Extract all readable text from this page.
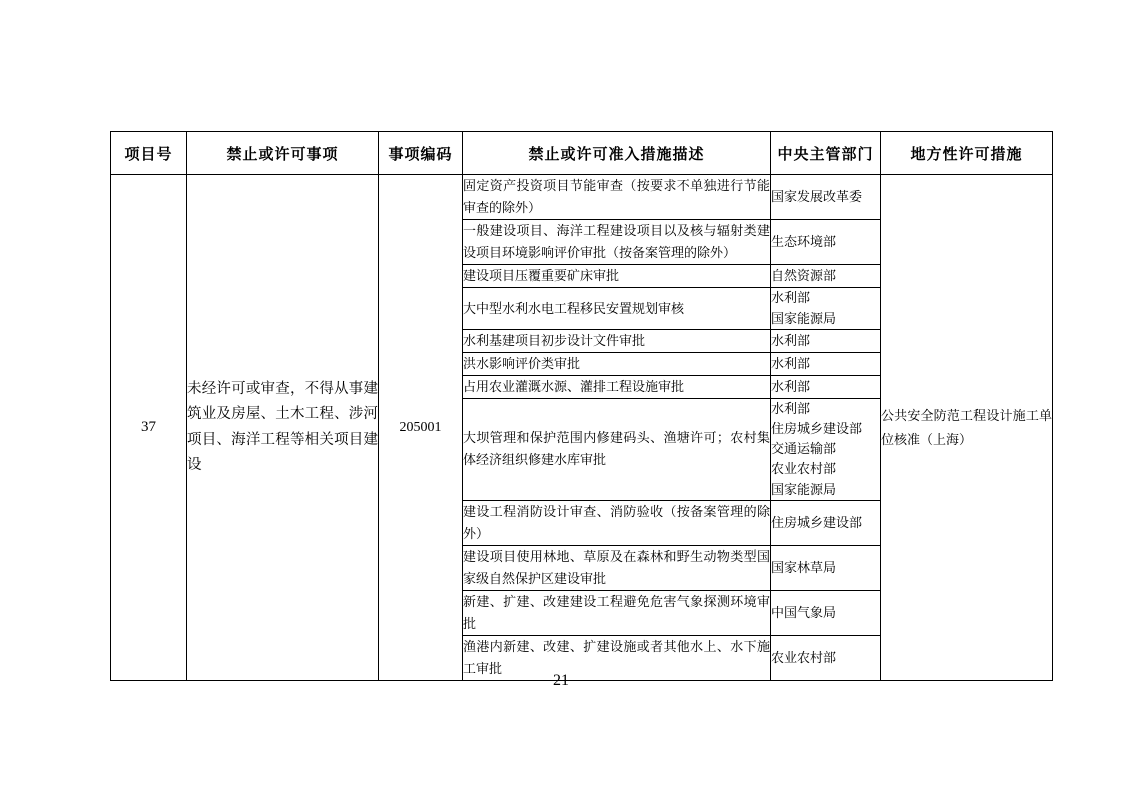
项目号	禁止或许可事项	事项编码	禁止或许可准入措施描述	中央主管部门	地方性许可措施
37	未经许可或审查，不得从事建筑业及房屋、土木工程、涉河项目、海洋工程等相关项目建设	205001	固定资产投资项目节能审查（按要求不单独进行节能审查的除外）	国家发展改革委	公共安全防范工程设计施工单位核准（上海）
			一般建设项目、海洋工程建设项目以及核与辐射类建设项目环境影响评价审批（按备案管理的除外）	生态环境部	

			建设项目压覆重要矿床审批	自然资源部	

			大中型水利水电工程移民安置规划审核	水利部
国家能源局	

			水利基建项目初步设计文件审批	水利部	

			洪水影响评价类审批	水利部	

			占用农业灌溉水源、灌排工程设施审批	水利部	

			大坝管理和保护范围内修建码头、渔塘许可；农村集体经济组织修建水库审批	水利部
住房城乡建设部
交通运输部
农业农村部
国家能源局	

			建设工程消防设计审查、消防验收（按备案管理的除外）	住房城乡建设部	

			建设项目使用林地、草原及在森林和野生动物类型国家级自然保护区建设审批	国家林草局	

			新建、扩建、改建建设工程避免危害气象探测环境审批	中国气象局	

			渔港内新建、改建、扩建设施或者其他水上、水下施工审批	农业农村部	
21
